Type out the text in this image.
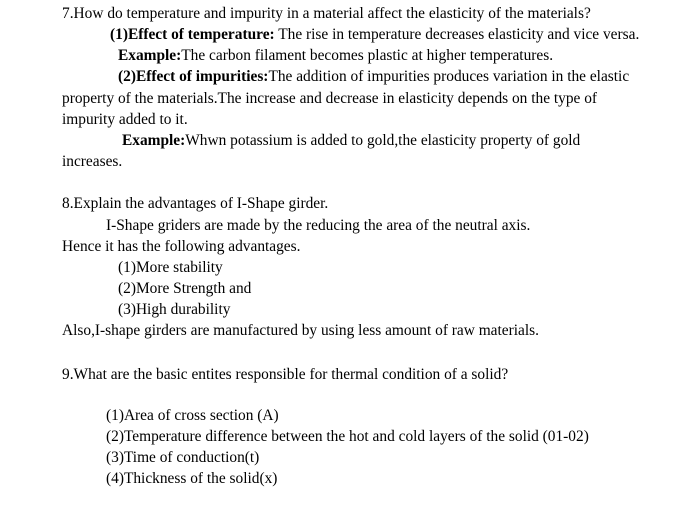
7.How do temperature and impurity in a material affect the elasticity of the materials?
(1)Effect of temperature: The rise in temperature decreases elasticity and vice versa.
Example:The carbon filament becomes plastic at higher temperatures.
(2)Effect of impurities:The addition of impurities produces variation in the elastic
property of the materials.The increase and decrease in elasticity depends on the type of
impurity added to it.
Example:Whwn potassium is added to gold,the elasticity property of gold
increases.
8.Explain the advantages of I-Shape girder.
I-Shape griders are made by the reducing the area of the neutral axis.
Hence it has the following advantages.
(1)More stability
(2)More Strength and
(3)High durability
Also,I-shape girders are manufactured by using less amount of raw materials.
9.What are the basic entites responsible for thermal condition of a solid?
(1)Area of cross section (A)
(2)Temperature difference between the hot and cold layers of the solid (01-02)
(3)Time of conduction(t)
(4)Thickness of the solid(x)
